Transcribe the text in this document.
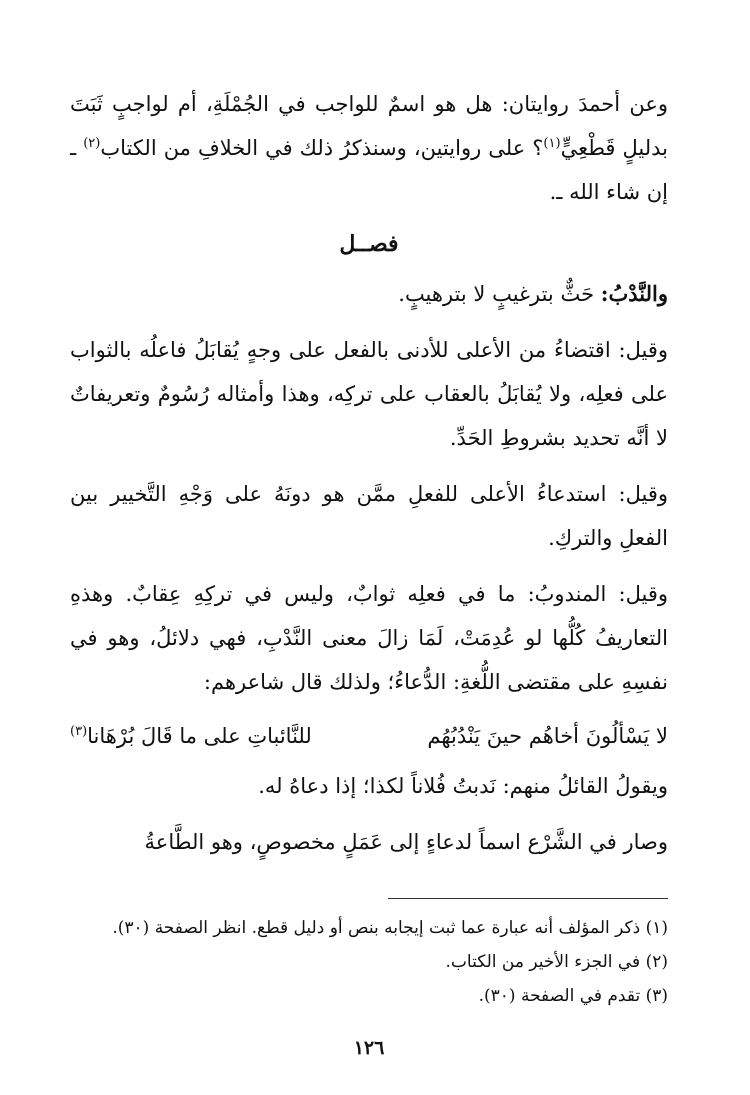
وعن أحمدَ روايتان: هل هو اسمٌ للواجب في الجُمْلَةِ، أم لواجبٍ ثَبَتَ بدليلٍ قَطْعِيٍّ$^{(١)}$؟ على روايتين، وسنذكرُ ذلك في الخلافِ من الكتاب$^{(٢)}$ ـ إن شاء الله ـ.

فصــل

والنَّدْبُ: حَثٌّ بترغيبٍ لا بترهيبٍ.

وقيل: اقتضاءُ من الأعلى للأدنى بالفعل على وجهٍ يُقابَلُ فاعلُه بالثواب على فعلِه، ولا يُقابَلُ بالعقاب على تركِه، وهذا وأمثاله رُسُومٌ وتعريفاتٌ لا أنَّه تحديد بشروطِ الحَدِّ.

وقيل: استدعاءُ الأعلى للفعلِ ممَّن هو دونَهُ على وَجْهِ التَّخيير بين الفعلِ والتركِ.

وقيل: المندوبُ: ما في فعلِه ثوابٌ، وليس في تركِهِ عِقابٌ. وهذهِ التعاريفُ كُلُّها لو عُدِمَتْ، لَمَا زالَ معنى النَّدْبِ، فهي دلائلُ، وهو في نفسِهِ على مقتضى اللُّغةِ: الدُّعاءُ؛ ولذلك قال شاعرهم:

لا يَسْألُونَ أخاهُم حينَ يَنْدُبُهُم
للنَّائباتِ على ما قَالَ بُرْهَانا$^{(٣)}$

ويقولُ القائلُ منهم: نَدبتُ فُلاناً لكذا؛ إذا دعاهُ له.

وصار في الشَّرْع اسماً لدعاءٍ إلى عَمَلٍ مخصوصٍ، وهو الطَّاعةُ

(١) ذكر المؤلف أنه عبارة عما ثبت إيجابه بنص أو دليل قطع. انظر الصفحة (٣٠).

(٢) في الجزء الأخير من الكتاب.

(٣) تقدم في الصفحة (٣٠).

١٢٦
